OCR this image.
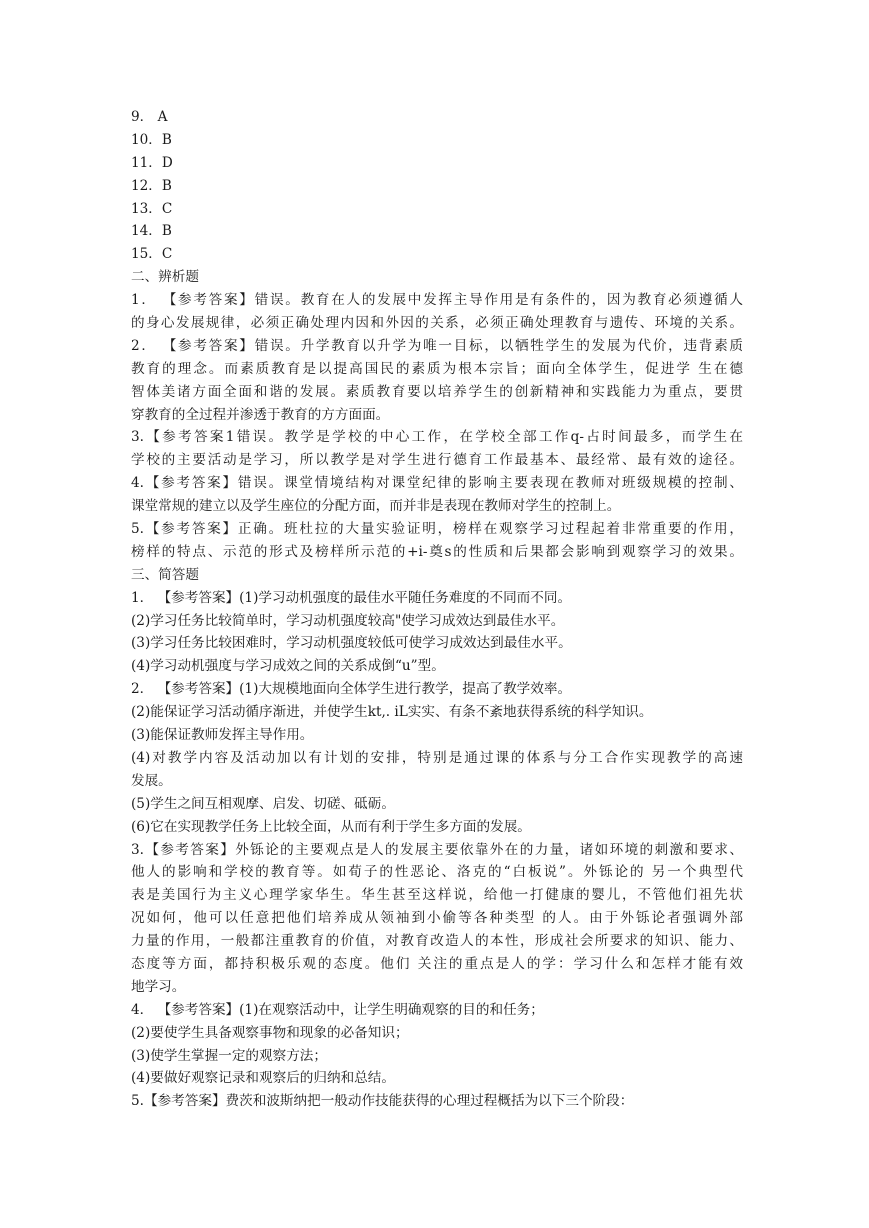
9． A
10．B
11．D
12．B
13．C
14．B
15．C
二、辨析题
1． 【参考答案】错误。教育在人的发展中发挥主导作用是有条件的，因为教育必须遵循人
的身心发展规律，必须正确处理内因和外因的关系，必须正确处理教育与遗传、环境的关系。
2． 【参考答案】错误。升学教育以升学为唯一目标，以牺牲学生的发展为代价，违背素质
教育的理念。而素质教育是以提高国民的素质为根本宗旨；面向全体学生，促进学 生在德
智体美诸方面全面和谐的发展。素质教育要以培养学生的创新精神和实践能力为重点，要贯
穿教育的全过程并渗透于教育的方方面面。
3.【参考答案1错误。教学是学校的中心工作，在学校全部工作q-占时间最多，而学生在
学校的主要活动是学习，所以教学是对学生进行德育工作最基本、最经常、最有效的途径。
4.【参考答案】错误。课堂情境结构对课堂纪律的影响主要表现在教师对班级规模的控制、
课堂常规的建立以及学生座位的分配方面，而并非是表现在教师对学生的控制上。
5.【参考答案】正确。班杜拉的大量实验证明，榜样在观察学习过程起着非常重要的作用，
榜样的特点、示范的形式及榜样所示范的+i-奠s的性质和后果都会影响到观察学习的效果。
三、简答题
1． 【参考答案】(1)学习动机强度的最佳水平随任务难度的不同而不同。
(2)学习任务比较简单时，学习动机强度较高"使学习成效达到最佳水平。
(3)学习任务比较困难时，学习动机强度较低可使学习成效达到最佳水平。
(4)学习动机强度与学习成效之间的关系成倒“u”型。
2． 【参考答案】(1)大规模地面向全体学生进行教学，提高了教学效率。
(2)能保证学习活动循序渐进，并使学生kt,. iL实实、有条不紊地获得系统的科学知识。
(3)能保证教师发挥主导作用。
(4)对教学内容及活动加以有计划的安排，特别是通过课的体系与分工合作实现教学的高速
发展。
(5)学生之间互相观摩、启发、切磋、砥砺。
(6)它在实现教学任务上比较全面，从而有利于学生多方面的发展。
3.【参考答案】外铄论的主要观点是人的发展主要依靠外在的力量，诸如环境的刺激和要求、
他人的影响和学校的教育等。如荀子的性恶论、洛克的“白板说”。外铄论的 另一个典型代
表是美国行为主义心理学家华生。华生甚至这样说，给他一打健康的婴儿，不管他们祖先状
况如何，他可以任意把他们培养成从领袖到小偷等各种类型 的人。由于外铄论者强调外部
力量的作用，一般都注重教育的价值，对教育改造人的本性，形成社会所要求的知识、能力、
态度等方面，都持积极乐观的态度。他们 关注的重点是人的学：学习什么和怎样才能有效
地学习。
4． 【参考答案】(1)在观察活动中，让学生明确观察的目的和任务；
(2)要使学生具备观察事物和现象的必备知识；
(3)使学生掌握一定的观察方法；
(4)要做好观察记录和观察后的归纳和总结。
5.【参考答案】费茨和波斯纳把一般动作技能获得的心理过程概括为以下三个阶段：
